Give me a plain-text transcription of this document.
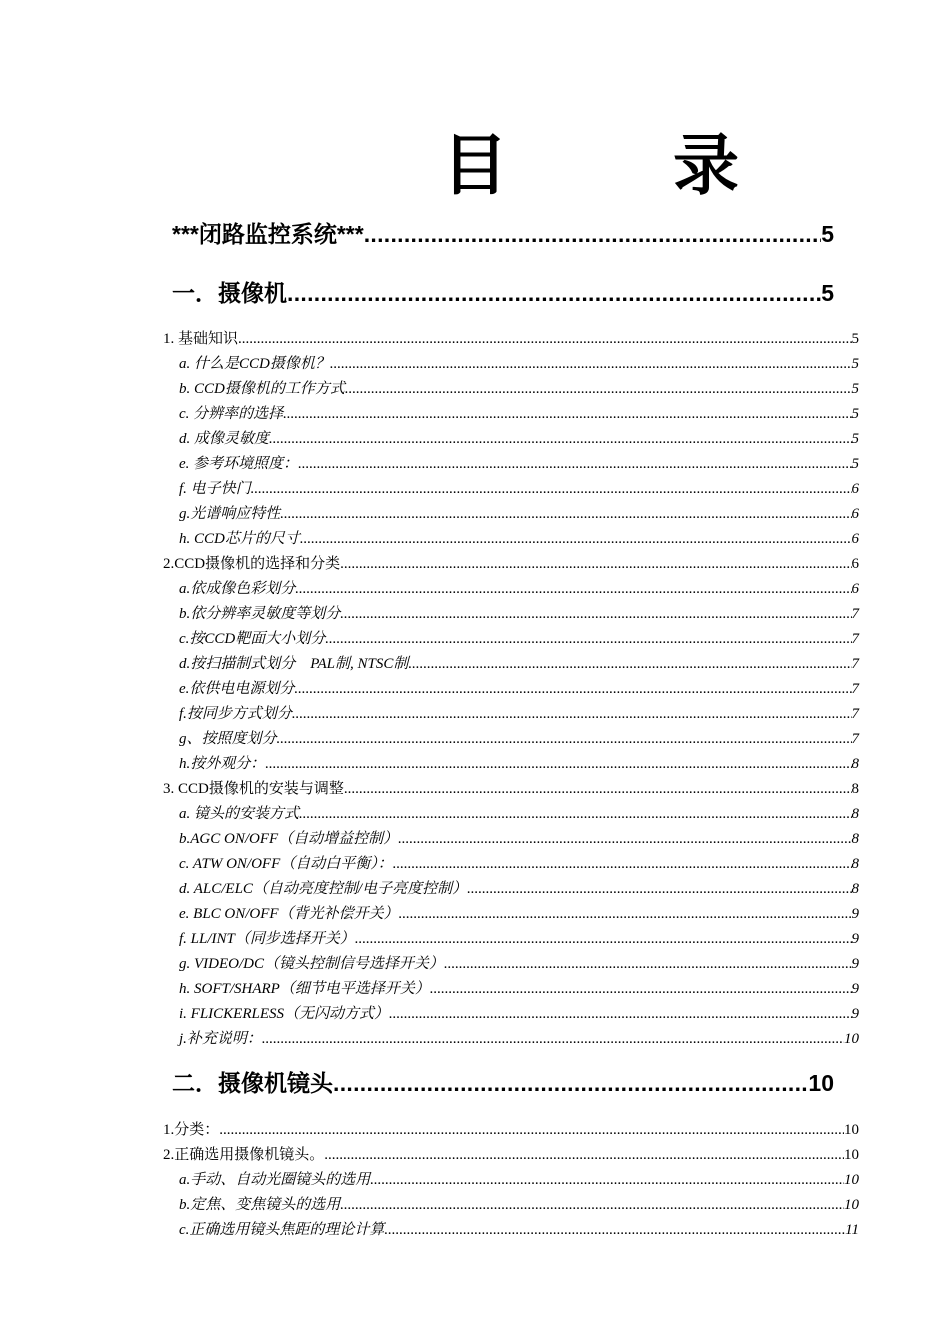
目	录
***闭路监控系统*** .....	5
一．摄像机 .....	5
1. 基础知识 .....	5
a. 什么是CCD摄像机？ .....	5
b. CCD摄像机的工作方式 .....	5
c. 分辨率的选择 .....	5
d. 成像灵敏度 .....	5
e. 参考环境照度： .....	5
f. 电子快门 .....	6
g.光谱响应特性 .....	6
h. CCD芯片的尺寸 .....	6
2.CCD摄像机的选择和分类 .....	6
a.依成像色彩划分 .....	6
b.依分辨率灵敏度等划分 .....	7
c.按CCD靶面大小划分 .....	7
d.按扫描制式划分    PAL制, NTSC制 .....	7
e.依供电电源划分 .....	7
f.按同步方式划分 .....	7
g、按照度划分 .....	7
h.按外观分： .....	8
3. CCD摄像机的安装与调整 .....	8
a. 镜头的安装方式 .....	8
b.AGC ON/OFF（自动增益控制） .....	8
c. ATW ON/OFF（自动白平衡）： .....	8
d. ALC/ELC（自动亮度控制/电子亮度控制） .....	8
e. BLC ON/OFF（背光补偿开关） .....	9
f. LL/INT（同步选择开关） .....	9
g. VIDEO/DC（镜头控制信号选择开关） .....	9
h. SOFT/SHARP（细节电平选择开关） .....	9
i. FLICKERLESS（无闪动方式） .....	9
j.补充说明： .....	10
二．摄像机镜头 .....	10
1.分类： .....	10
2.正确选用摄像机镜头。 .....	10
a.手动、自动光圈镜头的选用 .....	10
b.定焦、变焦镜头的选用 .....	10
c.正确选用镜头焦距的理论计算 .....	11
